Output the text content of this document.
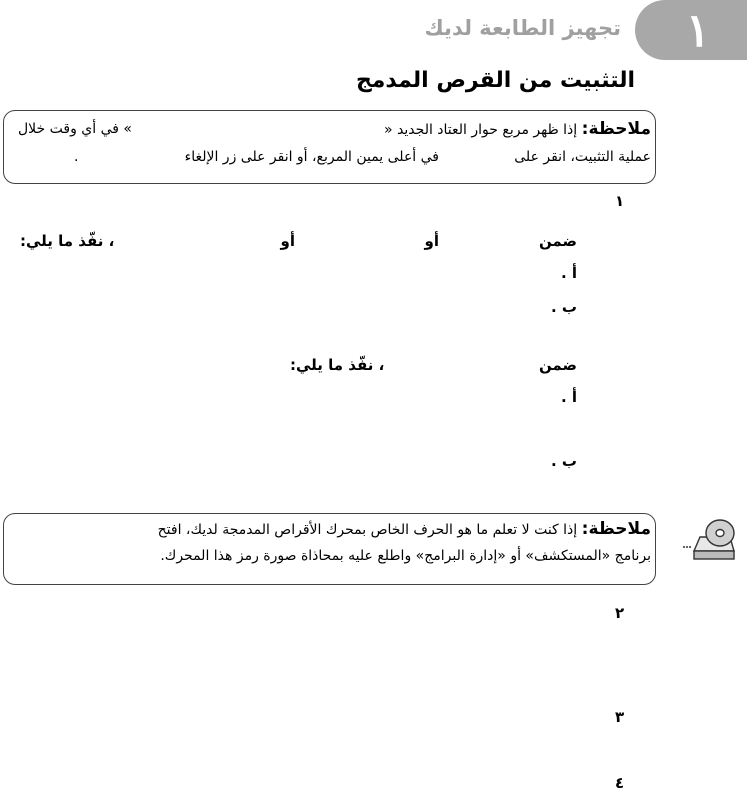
١
تجهيز الطابعة لديك
التثبيت من القرص المدمج
ملاحظة: إذا ظهر مربع حوار العتاد الجديد «
» في أي وقت خلال
عملية التثبيت، انقر على
في أعلى يمين المربع، أو انقر على زر الإلغاء
.
١
ضمن
أو
أو
، نفّذ ما يلي:
أ .
ب .
ضمن
، نفّذ ما يلي:
أ .
ب .
ملاحظة: إذا كنت لا تعلم ما هو الحرف الخاص بمحرك الأقراص المدمجة لديك، افتح
برنامج «المستكشف» أو «إدارة البرامج» واطلع عليه بمحاذاة صورة رمز هذا المحرك.
٢
٣
٤
